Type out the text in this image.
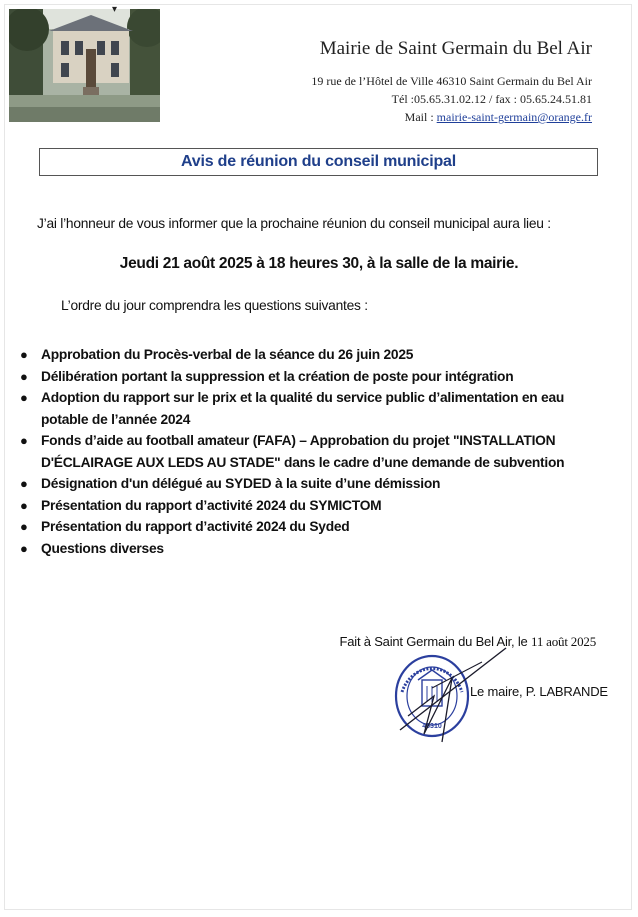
▾
Mairie de Saint Germain du Bel Air
19 rue de l’Hôtel de Ville 46310 Saint Germain du Bel Air
Tél :05.65.31.02.12 / fax : 05.65.24.51.81
Mail : mairie-saint-germain@orange.fr
Avis de réunion du conseil municipal
J’ai l’honneur de vous informer que la prochaine réunion du conseil municipal aura lieu :
Jeudi 21 août 2025 à 18 heures 30, à la salle de la mairie.
L’ordre du jour comprendra les questions suivantes :
● Approbation du Procès-verbal de la séance du 26 juin 2025
● Délibération portant la suppression et la création de poste pour intégration
● Adoption du rapport sur le prix et la qualité du service public d’alimentation en eau potable de l’année 2024
● Fonds d’aide au football amateur (FAFA) – Approbation du projet "INSTALLATION D'ÉCLAIRAGE AUX LEDS AU STADE" dans le cadre d’une demande de subvention
● Désignation d'un délégué au SYDED à la suite d’une démission
● Présentation du rapport d’activité 2024 du SYMICTOM
● Présentation du rapport d’activité 2024 du Syded
● Questions diverses
Fait à Saint Germain du Bel Air, le 11 août 2025
46310
Le maire, P. LABRANDE
